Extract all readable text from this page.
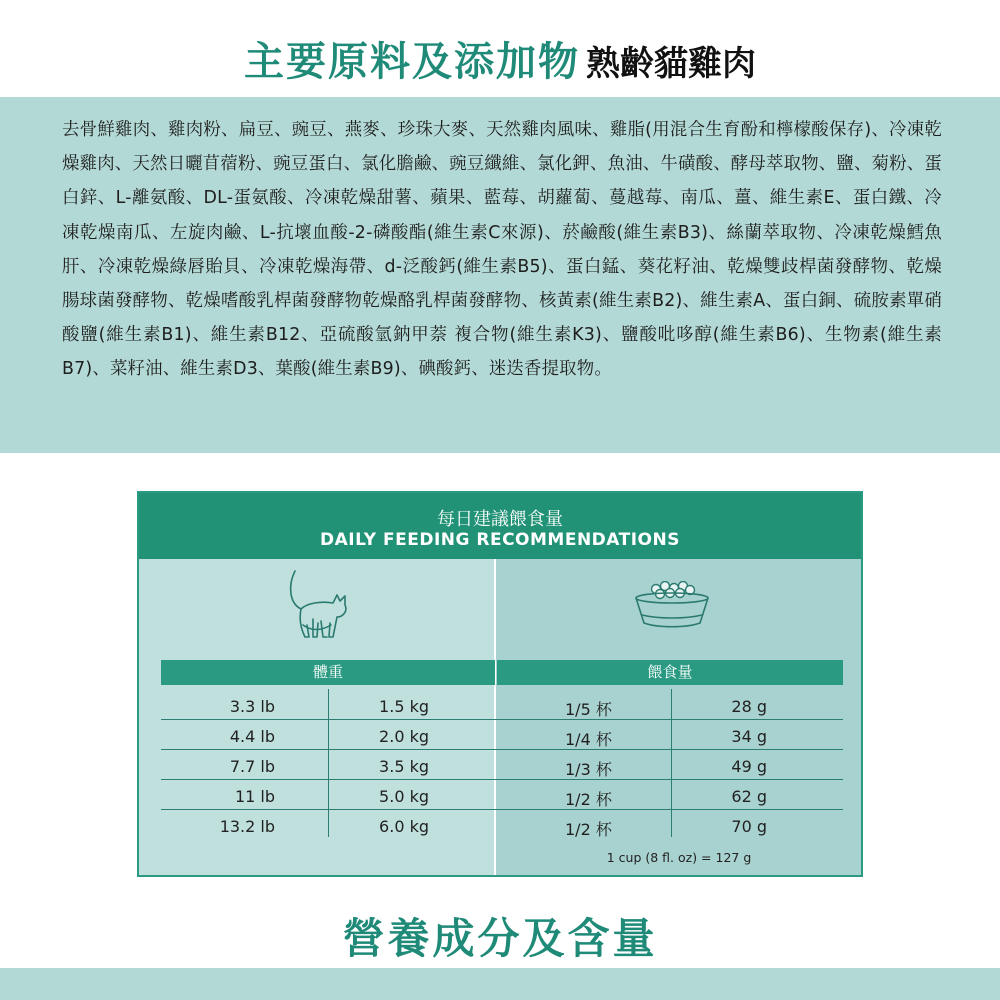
主要原料及添加物 熟齡貓雞肉

去骨鮮雞肉、雞肉粉、扁豆、豌豆、燕麥、珍珠大麥、天然雞肉風味、雞脂(用混合生育酚和檸檬酸保存)、冷凍乾燥雞肉、天然日曬苜蓿粉、豌豆蛋白、氯化膽鹼、豌豆纖維、氯化鉀、魚油、牛磺酸、酵母萃取物、鹽、菊粉、蛋白鋅、L-離氨酸、DL-蛋氨酸、冷凍乾燥甜薯、蘋果、藍莓、胡蘿蔔、蔓越莓、南瓜、薑、維生素E、蛋白鐵、冷凍乾燥南瓜、左旋肉鹼、L-抗壞血酸-2-磷酸酯(維生素C來源)、菸鹼酸(維生素B3)、絲蘭萃取物、冷凍乾燥鱈魚肝、冷凍乾燥綠唇貽貝、冷凍乾燥海帶、d-泛酸鈣(維生素B5)、蛋白錳、葵花籽油、乾燥雙歧桿菌發酵物、乾燥腸球菌發酵物、乾燥嗜酸乳桿菌發酵物乾燥酪乳桿菌發酵物、核黃素(維生素B2)、維生素A、蛋白銅、硫胺素單硝酸鹽(維生素B1)、維生素B12、亞硫酸氫鈉甲萘 複合物(維生素K3)、鹽酸吡哆醇(維生素B6)、生物素(維生素B7)、菜籽油、維生素D3、葉酸(維生素B9)、碘酸鈣、迷迭香提取物。

每日建議餵食量
DAILY FEEDING RECOMMENDATIONS
體重	餵食量
3.3 lb	1.5 kg	1/5 杯	28 g
4.4 lb	2.0 kg	1/4 杯	34 g
7.7 lb	3.5 kg	1/3 杯	49 g
11 lb	5.0 kg	1/2 杯	62 g
13.2 lb	6.0 kg	1/2 杯	70 g
1 cup (8 fl. oz) = 127 g
營養成分及含量
